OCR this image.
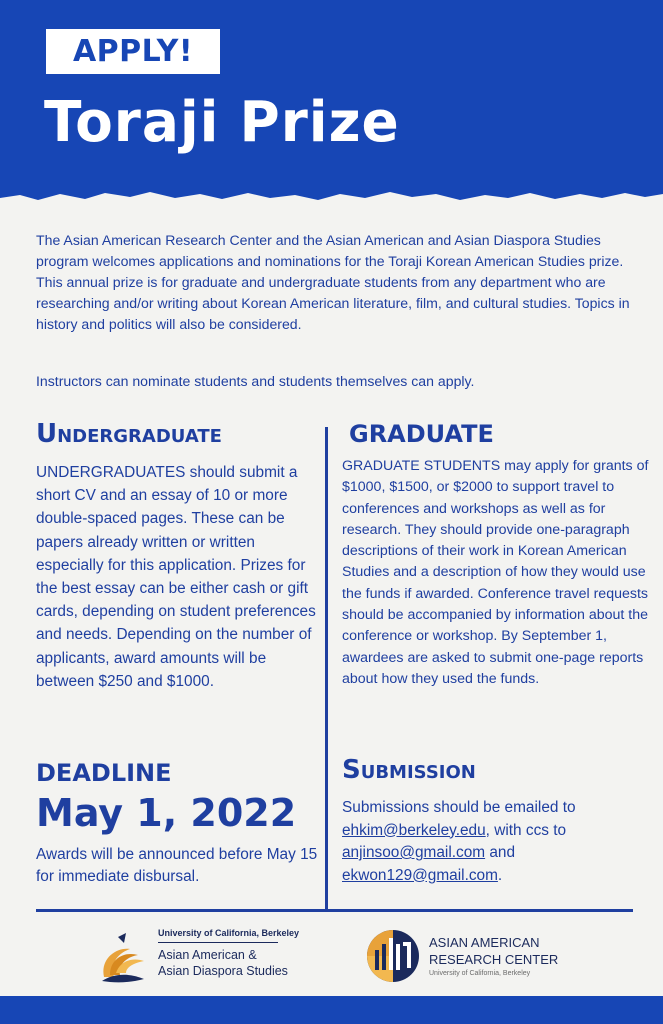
APPLY!
Toraji Prize
The Asian American Research Center and the Asian American and Asian Diaspora Studies program welcomes applications and nominations for the Toraji Korean American Studies prize. This annual prize is for graduate and undergraduate students from any department who are researching and/or writing about Korean American literature, film, and cultural studies. Topics in history and politics will also be considered.
Instructors can nominate students and students themselves can apply.
Undergraduate	GRADUATE
UNDERGRADUATES should submit a short CV and an essay of 10 or more double-spaced pages. These can be papers already written or written especially for this application. Prizes for the best essay can be either cash or gift cards, depending on student preferences and needs. Depending on the number of applicants, award amounts will be between $250 and $1000.
GRADUATE STUDENTS may apply for grants of $1000, $1500, or $2000 to support travel to conferences and workshops as well as for research. They should provide one-paragraph descriptions of their work in Korean American Studies and a description of how they would use the funds if awarded. Conference travel requests should be accompanied by information about the conference or workshop. By September 1, awardees are asked to submit one-page reports about how they used the funds.
DEADLINE
May 1, 2022
Awards will be announced before May 15 for immediate disbursal.
Submission
Submissions should be emailed to
ehkim@berkeley.edu, with ccs to
anjinsoo@gmail.com and
ekwon129@gmail.com.
University of California, Berkeley
Asian American &
Asian Diaspora Studies
ASIAN AMERICAN
RESEARCH CENTER
University of California, Berkeley
